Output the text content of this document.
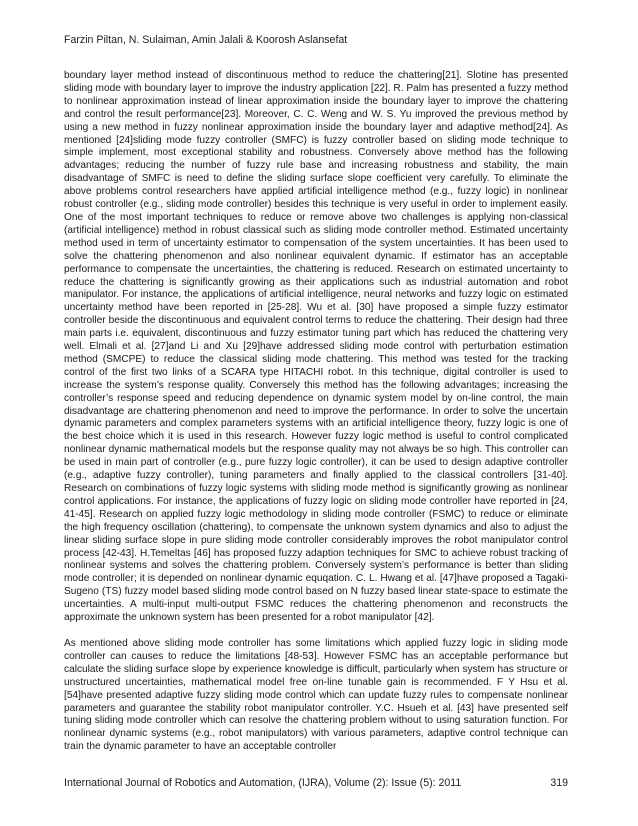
Farzin Piltan, N. Sulaiman, Amin Jalali & Koorosh Aslansefat

boundary layer method instead of discontinuous method to reduce the chattering[21]. Slotine has presented sliding mode with boundary layer to improve the industry application [22]. R. Palm has presented a fuzzy method to nonlinear approximation instead of linear approximation inside the boundary layer to improve the chattering and control the result performance[23]. Moreover, C. C. Weng and W. S. Yu improved the previous method by using a new method in fuzzy nonlinear approximation inside the boundary layer and adaptive method[24]. As mentioned [24]sliding mode fuzzy controller (SMFC) is fuzzy controller based on sliding mode technique to simple implement, most exceptional stability and robustness. Conversely above method has the following advantages; reducing the number of fuzzy rule base and increasing robustness and stability, the main disadvantage of SMFC is need to define the sliding surface slope coefficient very carefully. To eliminate the above problems control researchers have applied artificial intelligence method (e.g., fuzzy logic) in nonlinear robust controller (e.g., sliding mode controller) besides this technique is very useful in order to implement easily. One of the most important techniques to reduce or remove above two challenges is applying non-classical (artificial intelligence) method in robust classical such as sliding mode controller method. Estimated uncertainty method used in term of uncertainty estimator to compensation of the system uncertainties. It has been used to solve the chattering phenomenon and also nonlinear equivalent dynamic. If estimator has an acceptable performance to compensate the uncertainties, the chattering is reduced. Research on estimated uncertainty to reduce the chattering is significantly growing as their applications such as industrial automation and robot manipulator. For instance, the applications of artificial intelligence, neural networks and fuzzy logic on estimated uncertainty method have been reported in [25-28]. Wu et al. [30] have proposed a simple fuzzy estimator controller beside the discontinuous and equivalent control terms to reduce the chattering. Their design had three main parts i.e. equivalent, discontinuous and fuzzy estimator tuning part which has reduced the chattering very well. Elmali et al. [27]and Li and Xu [29]have addressed sliding mode control with perturbation estimation method (SMCPE) to reduce the classical sliding mode chattering. This method was tested for the tracking control of the first two links of a SCARA type HITACHI robot. In this technique, digital controller is used to increase the system’s response quality. Conversely this method has the following advantages; increasing the controller’s response speed and reducing dependence on dynamic system model by on-line control, the main disadvantage are chattering phenomenon and need to improve the performance. In order to solve the uncertain dynamic parameters and complex parameters systems with an artificial intelligence theory, fuzzy logic is one of the best choice which it is used in this research. However fuzzy logic method is useful to control complicated nonlinear dynamic mathematical models but the response quality may not always be so high. This controller can be used in main part of controller (e.g., pure fuzzy logic controller), it can be used to design adaptive controller (e.g., adaptive fuzzy controller), tuning parameters and finally applied to the classical controllers [31-40]. Research on combinations of fuzzy logic systems with sliding mode method is significantly growing as nonlinear control applications. For instance, the applications of fuzzy logic on sliding mode controller have reported in [24, 41-45]. Research on applied fuzzy logic methodology in sliding mode controller (FSMC) to reduce or eliminate the high frequency oscillation (chattering), to compensate the unknown system dynamics and also to adjust the linear sliding surface slope in pure sliding mode controller considerably improves the robot manipulator control process [42-43]. H.Temeltas [46] has proposed fuzzy adaption techniques for SMC to achieve robust tracking of nonlinear systems and solves the chattering problem. Conversely system’s performance is better than sliding mode controller; it is depended on nonlinear dynamic equqation. C. L. Hwang et al. [47]have proposed a Tagaki-Sugeno (TS) fuzzy model based sliding mode control based on N fuzzy based linear state-space to estimate the uncertainties. A multi-input multi-output FSMC reduces the chattering phenomenon and reconstructs the approximate the unknown system has been presented for a robot manipulator [42].

As mentioned above sliding mode controller has some limitations which applied fuzzy logic in sliding mode controller can causes to reduce the limitations [48-53]. However FSMC has an acceptable performance but calculate the sliding surface slope by experience knowledge is difficult, particularly when system has structure or unstructured uncertainties, mathematical model free on-line tunable gain is recommended. F Y Hsu et al. [54]have presented adaptive fuzzy sliding mode control which can update fuzzy rules to compensate nonlinear parameters and guarantee the stability robot manipulator controller. Y.C. Hsueh et al. [43] have presented self tuning sliding mode controller which can resolve the chattering problem without to using saturation function. For nonlinear dynamic systems (e.g., robot manipulators) with various parameters, adaptive control technique can train the dynamic parameter to have an acceptable controller

International Journal of Robotics and Automation, (IJRA), Volume (2): Issue (5): 2011	319
